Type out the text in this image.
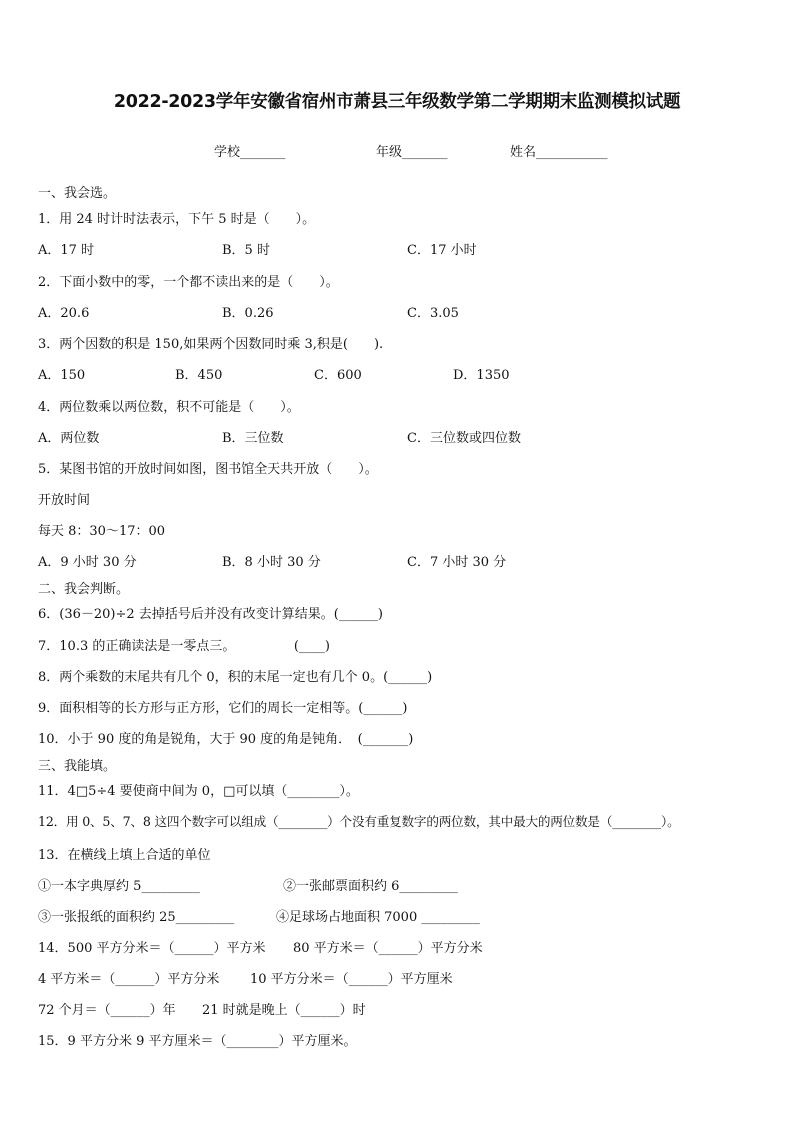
2022-2023学年安徽省宿州市萧县三年级数学第二学期期末监测模拟试题
学校_______	年级_______	姓名___________
一、我会选。
1．用 24 时计时法表示，下午 5 时是（　　）。
A．17 时	B．5 时	C．17 小时
2．下面小数中的零，一个都不读出来的是（　　）。
A．20.6	B．0.26	C．3.05
3．两个因数的积是 150,如果两个因数同时乘 3,积是(　　).
A．150	B．450	C．600	D．1350
4．两位数乘以两位数，积不可能是（　　）。
A．两位数	B．三位数	C．三位数或四位数
5．某图书馆的开放时间如图，图书馆全天共开放（　　）。
开放时间
每天 8：30～17：00
A．9 小时 30 分	B．8 小时 30 分	C．7 小时 30 分
二、我会判断。
6．(36－20)÷2 去掉括号后并没有改变计算结果。(______)
7．10.3 的正确读法是一零点三。　　　　　(____)
8．两个乘数的末尾共有几个 0，积的末尾一定也有几个 0。(______)
9．面积相等的长方形与正方形，它们的周长一定相等。(______)
10．小于 90 度的角是锐角，大于 90 度的角是钝角．　(_______)
三、我能填。
11．4□5÷4 要使商中间为 0，□可以填（________）。
12．用 0、5、7、8 这四个数字可以组成（________）个没有重复数字的两位数，其中最大的两位数是（________）。
13．在横线上填上合适的单位
①一本字典厚约 5_________	②一张邮票面积约 6_________
③一张报纸的面积约 25_________	④足球场占地面积 7000 _________
14．500 平方分米＝（______）平方米 80 平方米＝（______）平方分米
4 平方米＝（______）平方分米 10 平方分米＝（______）平方厘米
72 个月＝（______）年 21 时就是晚上（______）时
15．9 平方分米 9 平方厘米＝（________）平方厘米。
